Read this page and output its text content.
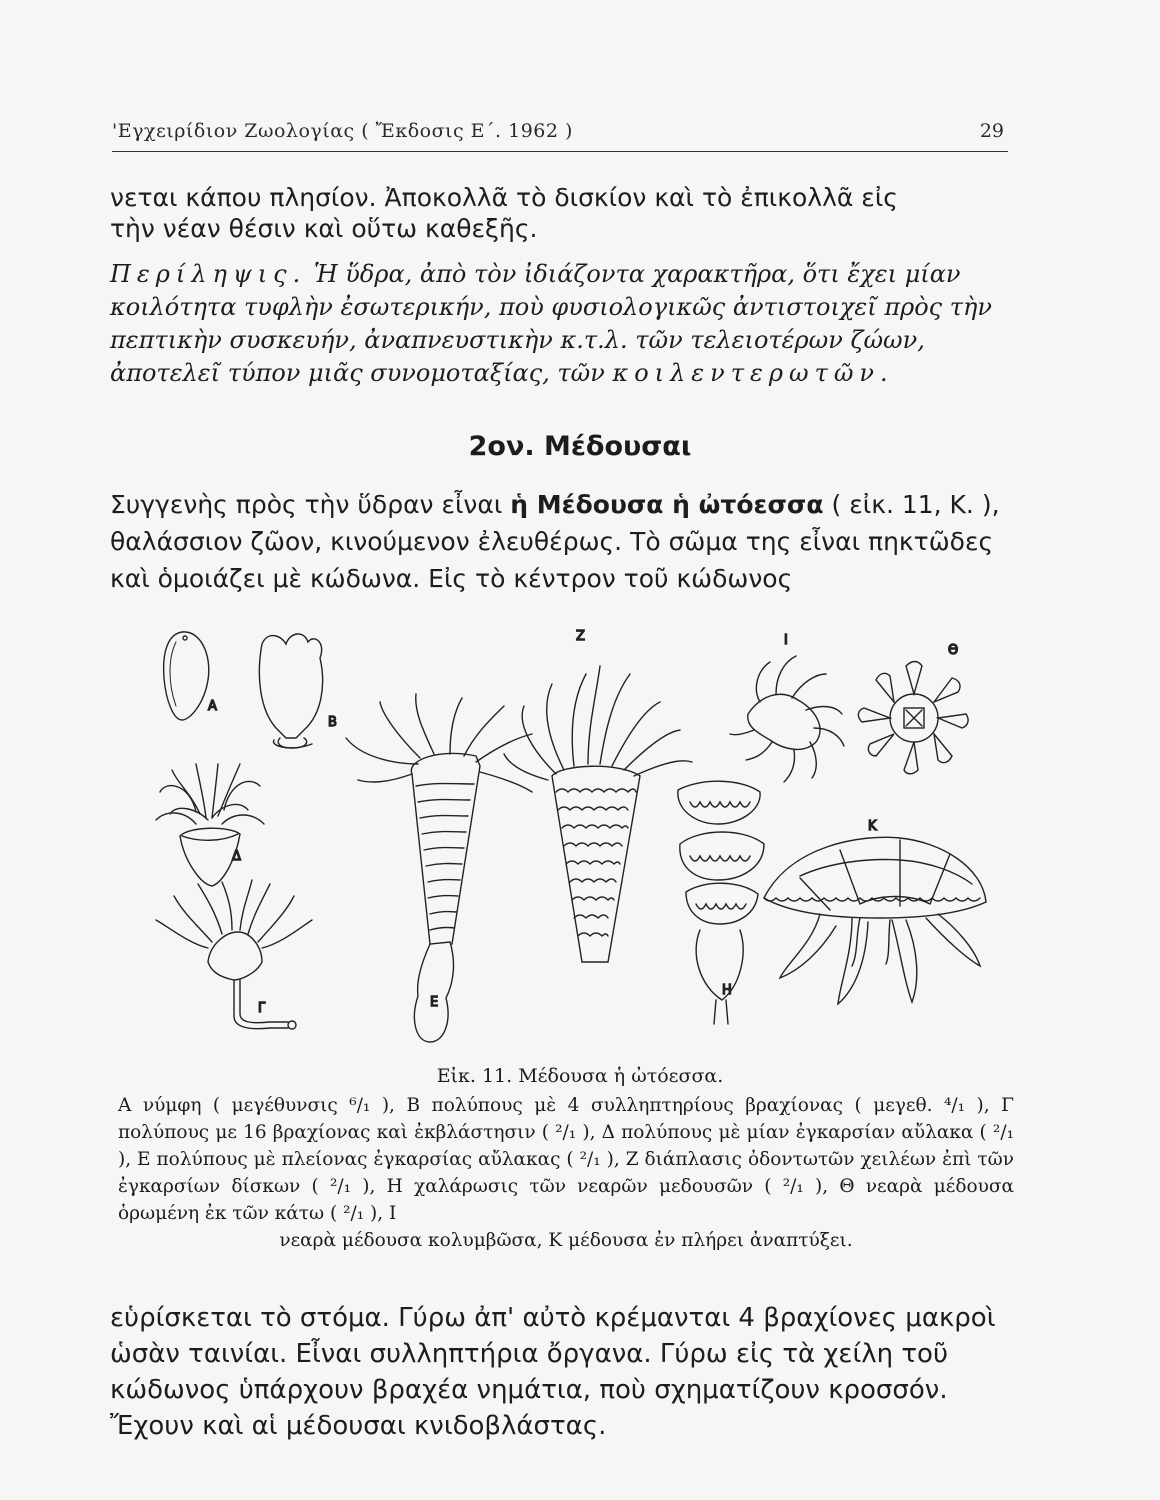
'Εγχειρίδιον Ζωολογίας ( Ἔκδοσις Ε΄. 1962 )	29
νεται κάπου πλησίον. Ἀποκολλᾶ τὸ δισκίον καὶ τὸ ἐπικολλᾶ εἰς
τὴν νέαν θέσιν καὶ οὕτω καθεξῆς.
Περίληψις. Ἡ ὕδρα, ἀπὸ τὸν ἰδιάζοντα χαρακτῆρα, ὅτι ἔχει μίαν κοιλότητα τυφλὴν ἐσωτερικήν, ποὺ φυσιολογικῶς ἀντιστοιχεῖ πρὸς τὴν πεπτικὴν συσκευήν, ἀναπνευστικὴν κ.τ.λ. τῶν τελειοτέρων ζώων, ἀποτελεῖ τύπον μιᾶς συνομοταξίας, τῶν κοιλεντερωτῶν.
2ον. Μέδουσαι
Συγγενὴς πρὸς τὴν ὕδραν εἶναι ἡ Μέδουσα ἡ ὠτόεσσα ( εἰκ. 11, Κ. ), θαλάσσιον ζῶον, κινούμενον ἐλευθέρως. Τὸ σῶμα της εἶναι πηκτῶδες καὶ ὁμοιάζει μὲ κώδωνα. Εἰς τὸ κέντρον τοῦ κώδωνος
Α
Β
Δ
Γ	Ε
Ζ
Η
Ι
Θ
Κ
Εἰκ. 11. Μέδουσα ἡ ὠτόεσσα.
Α νύμφη ( μεγέθυνσις ⁶/₁ ), Β πολύπους μὲ 4 συλληπτηρίους βραχίονας ( μεγεθ. ⁴/₁ ), Γ πολύπους με 16 βραχίονας καὶ ἐκβλάστησιν ( ²/₁ ), Δ πολύπους μὲ μίαν ἐγκαρσίαν αὔλακα ( ²/₁ ), Ε πολύπους μὲ πλείονας ἐγκαρσίας αὔλακας ( ²/₁ ), Ζ διάπλασις ὀδοντωτῶν χειλέων ἐπὶ τῶν ἐγκαρσίων δίσκων ( ²/₁ ), Η χαλάρωσις τῶν νεαρῶν μεδουσῶν ( ²/₁ ), Θ νεαρὰ μέδουσα ὁρωμένη ἐκ τῶν κάτω ( ²/₁ ), Ι
νεαρὰ μέδουσα κολυμβῶσα, Κ μέδουσα ἐν πλήρει ἀναπτύξει.
εὑρίσκεται τὸ στόμα. Γύρω ἀπ' αὐτὸ κρέμανται 4 βραχίονες μακροὶ ὡσὰν ταινίαι. Εἶναι συλληπτήρια ὄργανα. Γύρω εἰς τὰ χείλη τοῦ κώδωνος ὑπάρχουν βραχέα νημάτια, ποὺ σχηματίζουν κροσσόν. Ἔχουν καὶ αἱ μέδουσαι κνιδοβλάστας.
